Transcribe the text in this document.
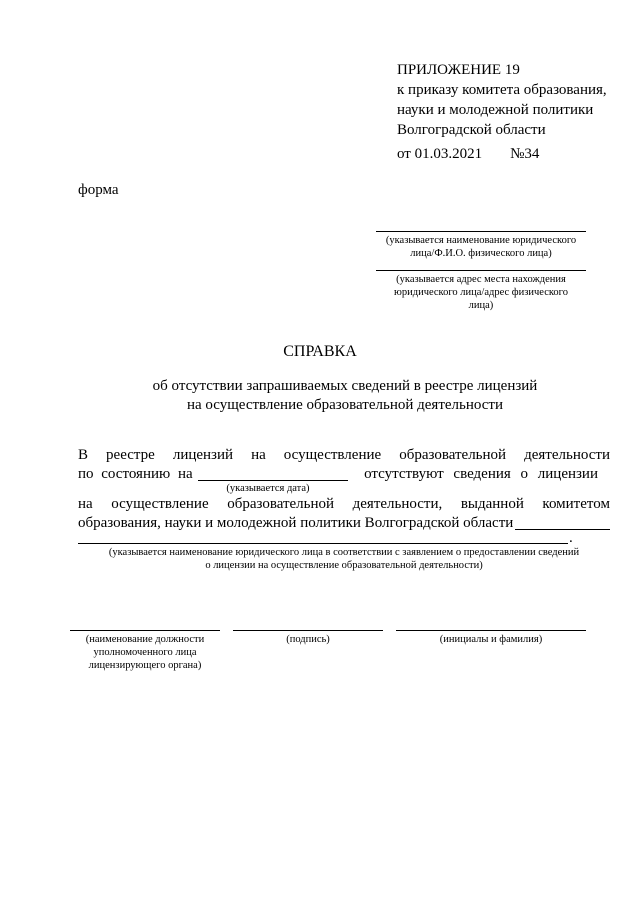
ПРИЛОЖЕНИЕ 19
к приказу комитета образования,
науки и молодежной политики
Волгоградской области
от 01.03.2021 №34
форма
(указывается наименование юридического
лица/Ф.И.О. физического лица)
(указывается адрес места нахождения
юридического лица/адрес физического
лица)
СПРАВКА
об отсутствии запрашиваемых сведений в реестре лицензий
на осуществление образовательной деятельности
В реестре лицензий на осуществление образовательной деятельности
по состоянию на	отсутствуют сведения о лицензии
(указывается дата)
на осуществление образовательной деятельности, выданной комитетом
образования, науки и молодежной политики Волгоградской области
.
(указывается наименование юридического лица в соответствии с заявлением о предоставлении сведений
о лицензии на осуществление образовательной деятельности)
(наименование должности
уполномоченного лица
лицензирующего органа)
(подпись)	(инициалы и фамилия)
